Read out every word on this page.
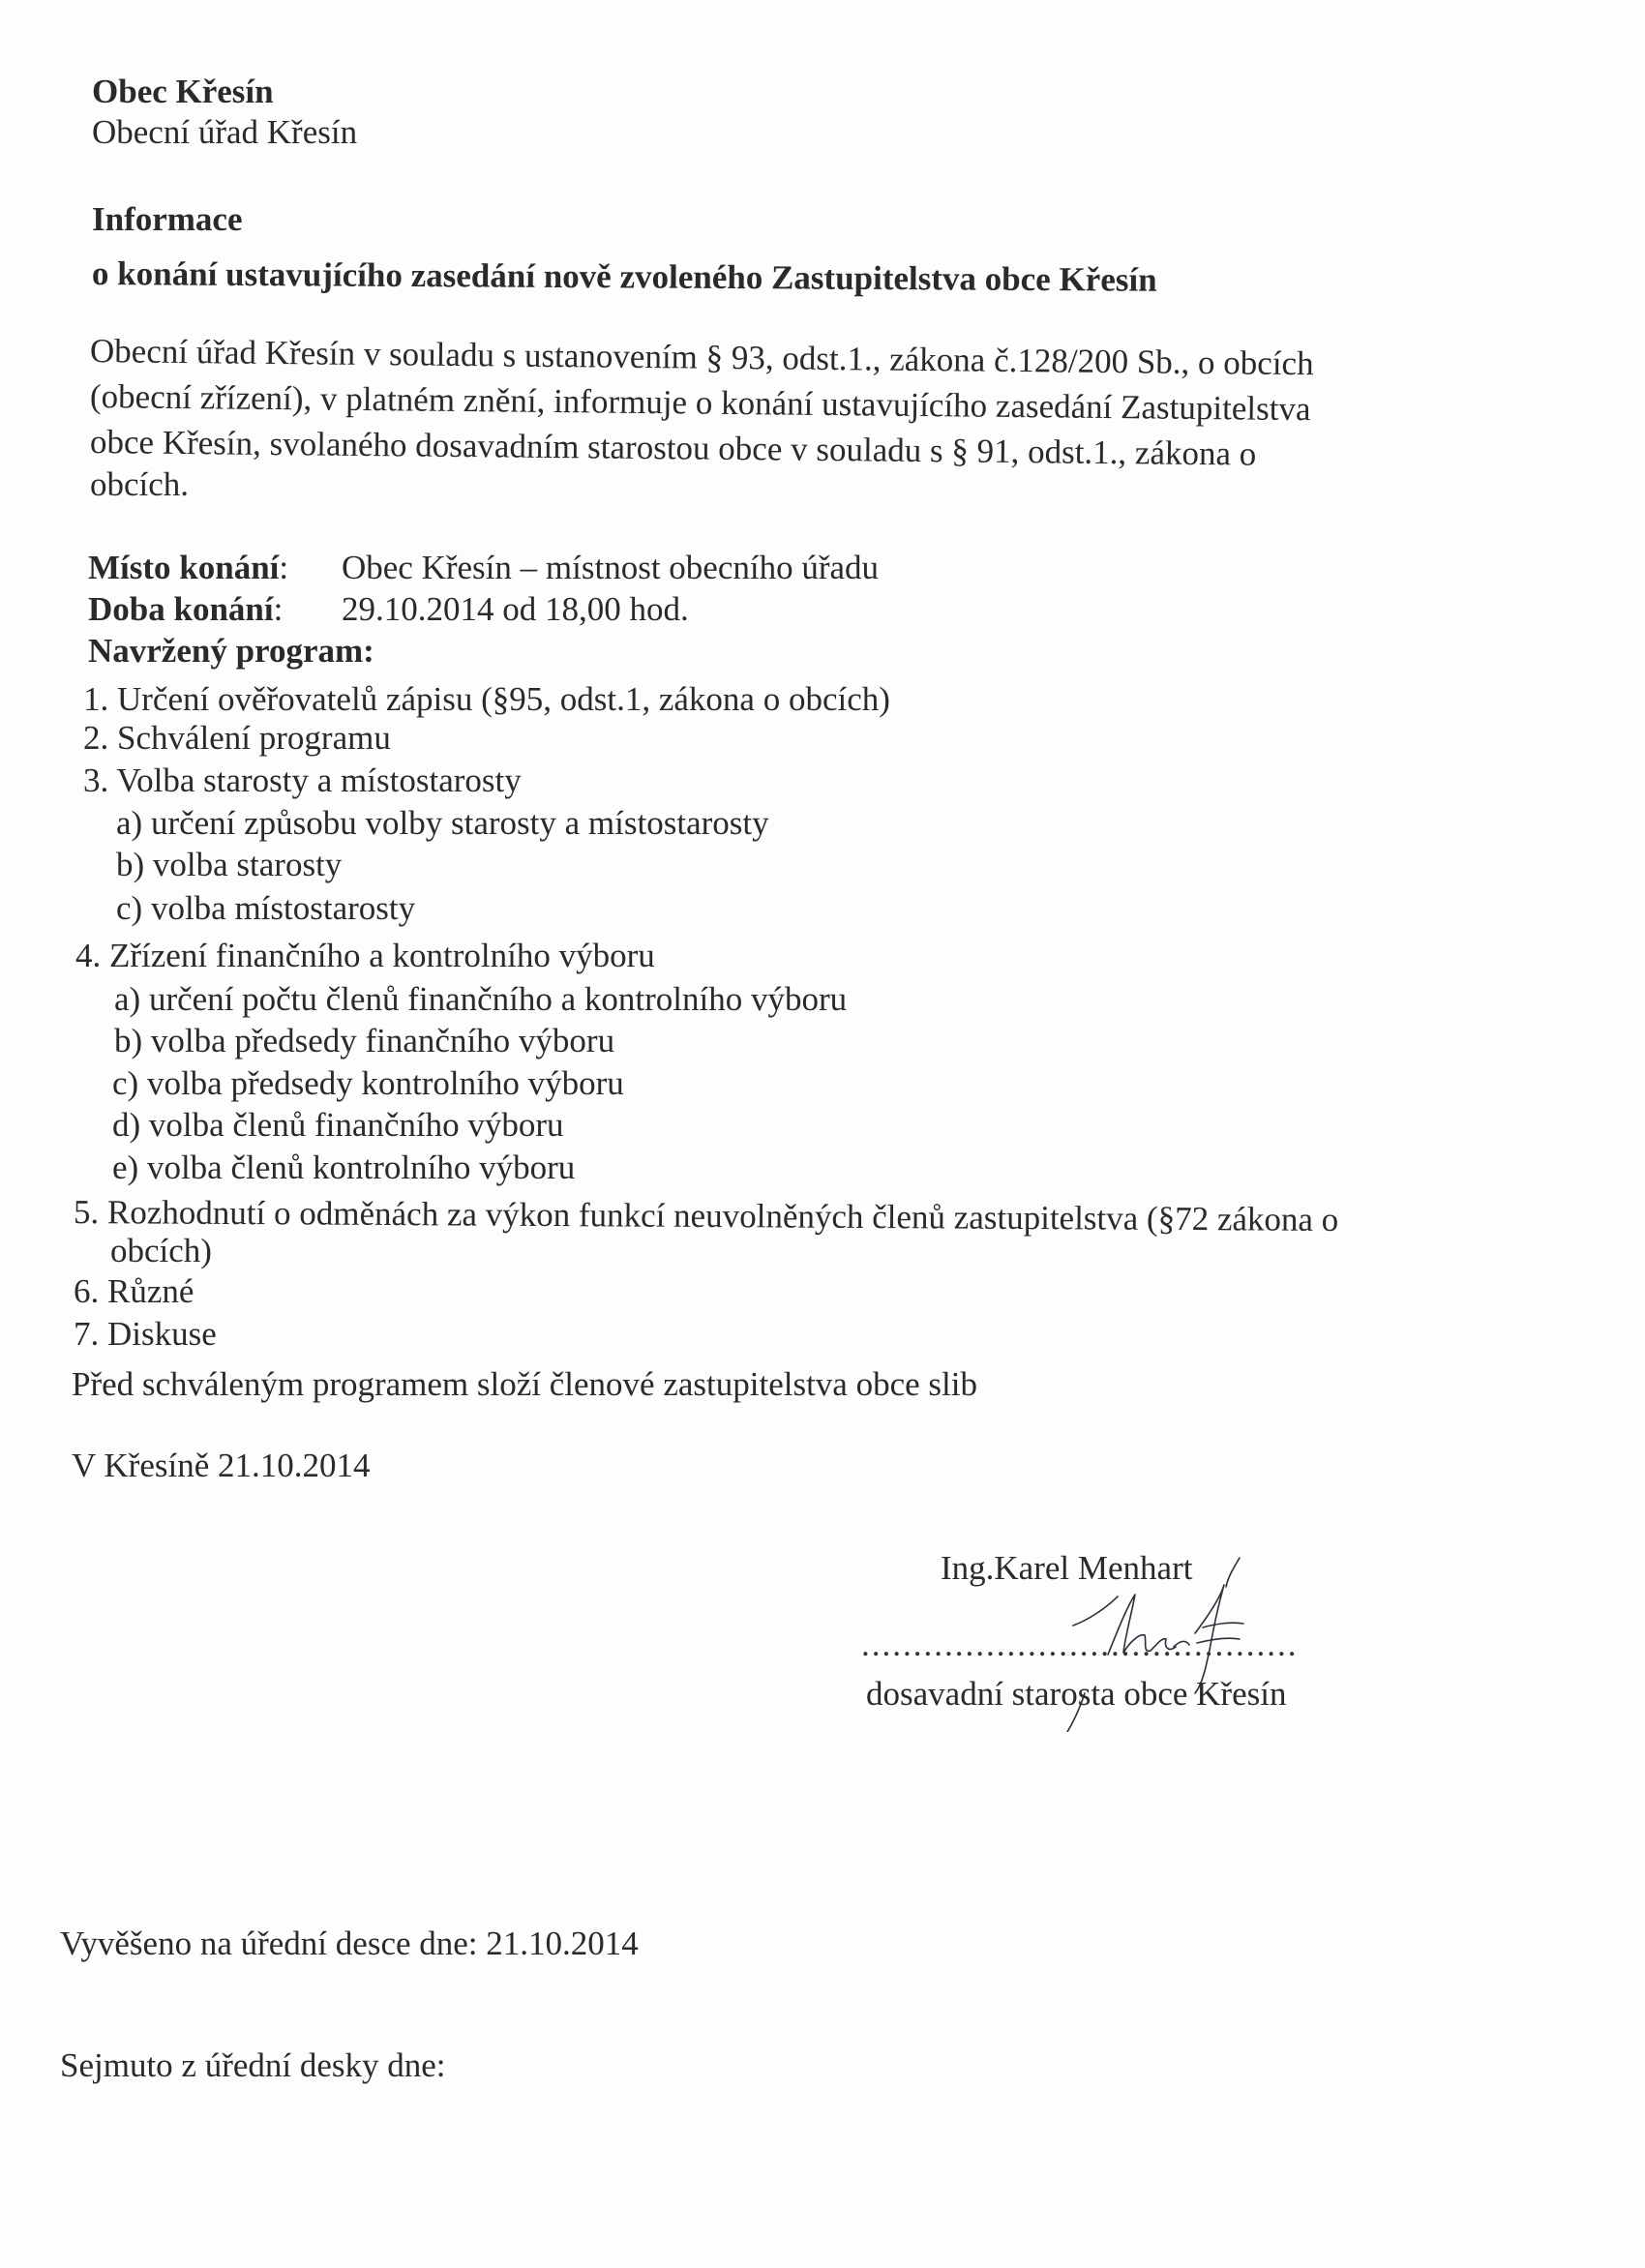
Obec Křesín
Obecní úřad Křesín
Informace
o konání ustavujícího zasedání nově zvoleného Zastupitelstva obce Křesín
Obecní úřad Křesín v souladu s ustanovením § 93, odst.1., zákona č.128/200 Sb., o obcích
(obecní zřízení), v platném znění, informuje o konání ustavujícího zasedání Zastupitelstva
obce Křesín, svolaného dosavadním starostou obce v souladu s § 91, odst.1., zákona o
obcích.
Místo konání: Obec Křesín – místnost obecního úřadu
Doba konání: 29.10.2014 od 18,00 hod.
Navržený program:
1. Určení ověřovatelů zápisu (§95, odst.1, zákona o obcích)
2. Schválení programu
3. Volba starosty a místostarosty
a) určení způsobu volby starosty a místostarosty
b) volba starosty
c) volba místostarosty
4. Zřízení finančního a kontrolního výboru
a) určení počtu členů finančního a kontrolního výboru
b) volba předsedy finančního výboru
c) volba předsedy kontrolního výboru
d) volba členů finančního výboru
e) volba členů kontrolního výboru
5. Rozhodnutí o odměnách za výkon funkcí neuvolněných členů zastupitelstva (§72 zákona o
obcích)
6. Různé
7. Diskuse
Před schváleným programem složí členové zastupitelstva obce slib
V Křesíně 21.10.2014
Ing.Karel Menhart
..........................................
dosavadní starosta obce Křesín
Vyvěšeno na úřední desce dne: 21.10.2014
Sejmuto z úřední desky dne:
